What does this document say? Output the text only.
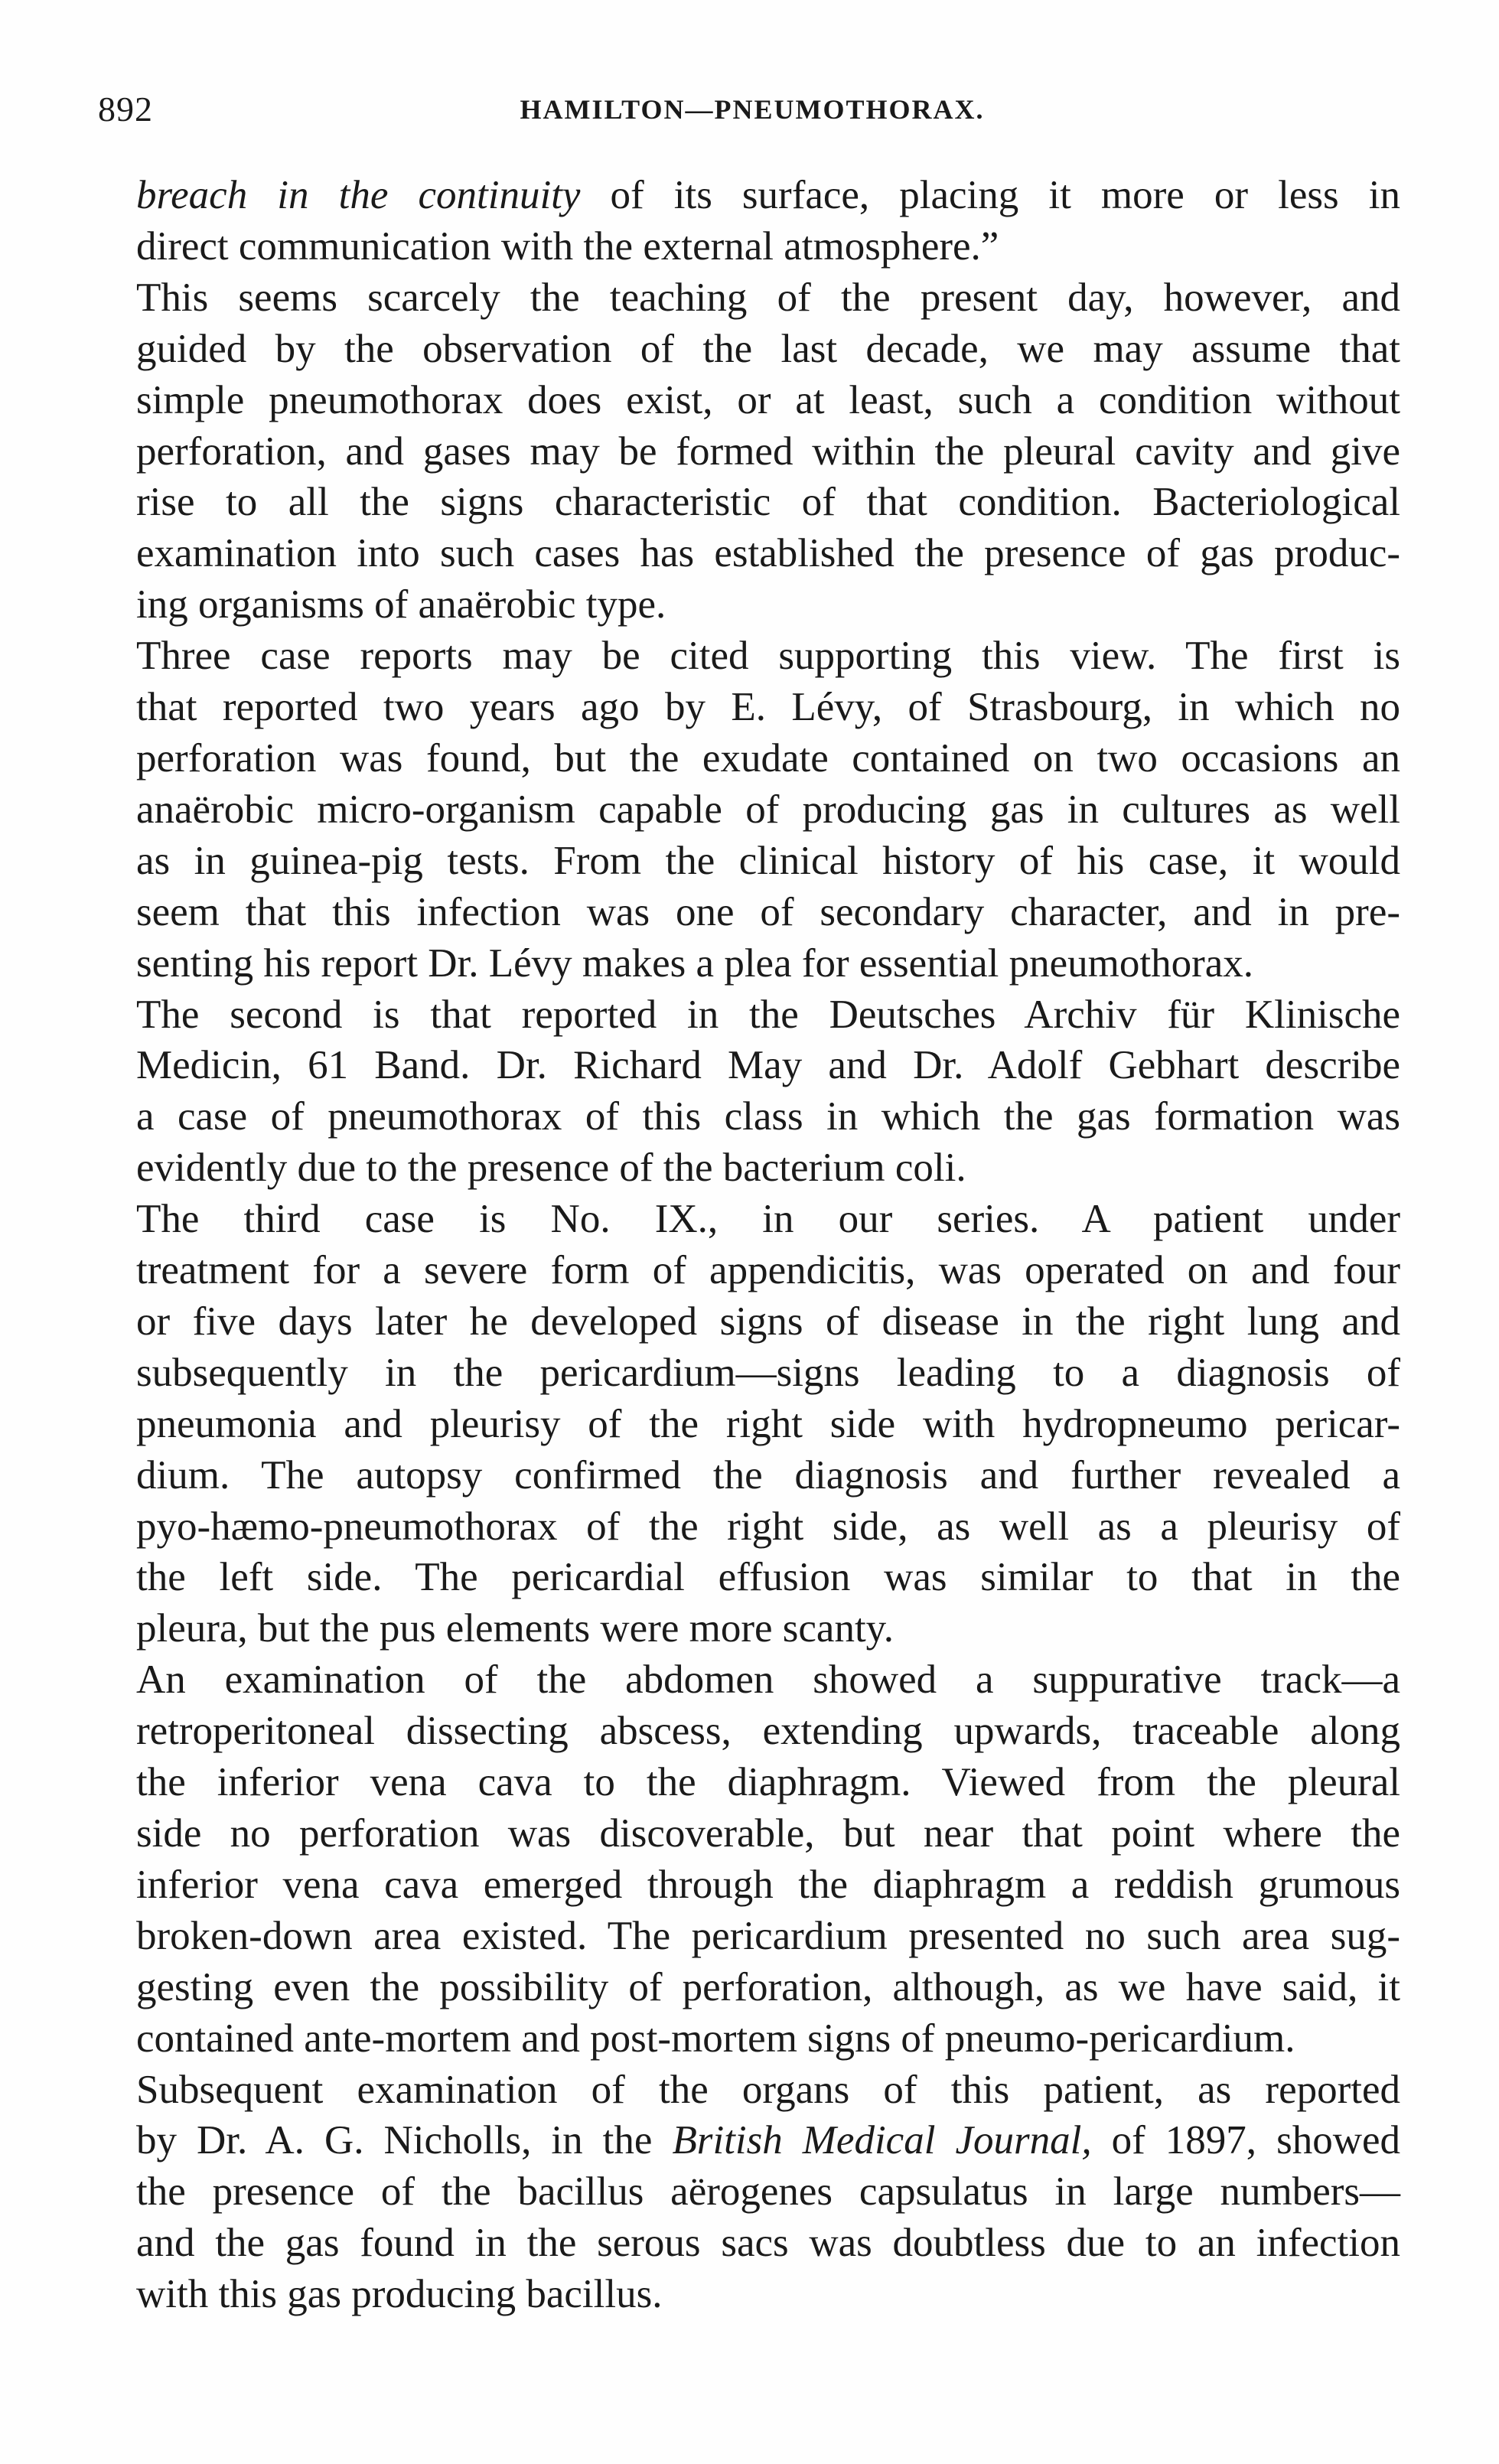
892	HAMILTON—PNEUMOTHORAX.
breach in the continuity of its surface, placing it more or less in
direct communication with the external atmosphere.”
This seems scarcely the teaching of the present day, however, and
guided by the observation of the last decade, we may assume that
simple pneumothorax does exist, or at least, such a condition without
perforation, and gases may be formed within the pleural cavity and give
rise to all the signs characteristic of that condition. Bacteriological
examination into such cases has established the presence of gas produc-
ing organisms of anaërobic type.
Three case reports may be cited supporting this view. The first is
that reported two years ago by E. Lévy, of Strasbourg, in which no
perforation was found, but the exudate contained on two occasions an
anaërobic micro-organism capable of producing gas in cultures as well
as in guinea-pig tests. From the clinical history of his case, it would
seem that this infection was one of secondary character, and in pre-
senting his report Dr. Lévy makes a plea for essential pneumothorax.
The second is that reported in the Deutsches Archiv für Klinische
Medicin, 61 Band. Dr. Richard May and Dr. Adolf Gebhart describe
a case of pneumothorax of this class in which the gas formation was
evidently due to the presence of the bacterium coli.
The third case is No. IX., in our series. A patient under
treatment for a severe form of appendicitis, was operated on and four
or five days later he developed signs of disease in the right lung and
subsequently in the pericardium—signs leading to a diagnosis of
pneumonia and pleurisy of the right side with hydropneumo pericar-
dium. The autopsy confirmed the diagnosis and further revealed a
pyo-hæmo-pneumothorax of the right side, as well as a pleurisy of
the left side. The pericardial effusion was similar to that in the
pleura, but the pus elements were more scanty.
An examination of the abdomen showed a suppurative track—a
retroperitoneal dissecting abscess, extending upwards, traceable along
the inferior vena cava to the diaphragm. Viewed from the pleural
side no perforation was discoverable, but near that point where the
inferior vena cava emerged through the diaphragm a reddish grumous
broken-down area existed. The pericardium presented no such area sug-
gesting even the possibility of perforation, although, as we have said, it
contained ante-mortem and post-mortem signs of pneumo-pericardium.
Subsequent examination of the organs of this patient, as reported
by Dr. A. G. Nicholls, in the British Medical Journal, of 1897, showed
the presence of the bacillus aërogenes capsulatus in large numbers—
and the gas found in the serous sacs was doubtless due to an infection
with this gas producing bacillus.
